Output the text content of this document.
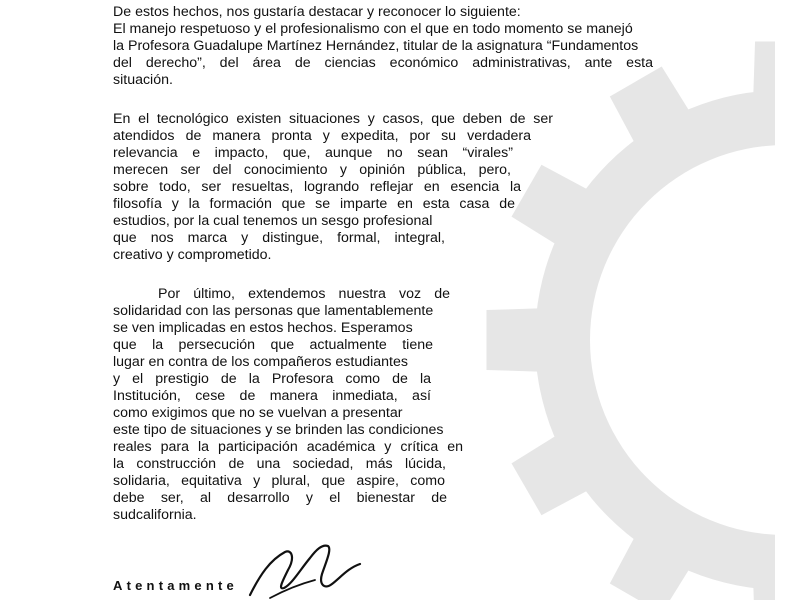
De estos hechos, nos gustaría destacar y reconocer lo siguiente:

El manejo respetuoso y el profesionalismo con el que en todo momento se manejó

la Profesora Guadalupe Martínez Hernández, titular de la asignatura “Fundamentos

del derecho”, del área de ciencias económico administrativas, ante esta

situación.

En el tecnológico existen situaciones y casos, que deben de ser

atendidos de manera pronta y expedita, por su verdadera

relevancia e impacto, que, aunque no sean “virales”

merecen ser del conocimiento y opinión pública, pero,

sobre todo, ser resueltas, logrando reflejar en esencia la

filosofía y la formación que se imparte en esta casa de

estudios, por la cual tenemos un sesgo profesional

que nos marca y distingue, formal, integral,

creativo y comprometido.

Por último, extendemos nuestra voz de

solidaridad con las personas que lamentablemente

se ven implicadas en estos hechos. Esperamos

que la persecución que actualmente tiene

lugar en contra de los compañeros estudiantes

y el prestigio de la Profesora como de la

Institución, cese de manera inmediata, así

como exigimos que no se vuelvan a presentar

este tipo de situaciones y se brinden las condiciones

reales para la participación académica y crítica en

la construcción de una sociedad, más lúcida,

solidaria, equitativa y plural, que aspire, como

debe ser, al desarrollo y el bienestar de

sudcalifornia.

Atentamente
